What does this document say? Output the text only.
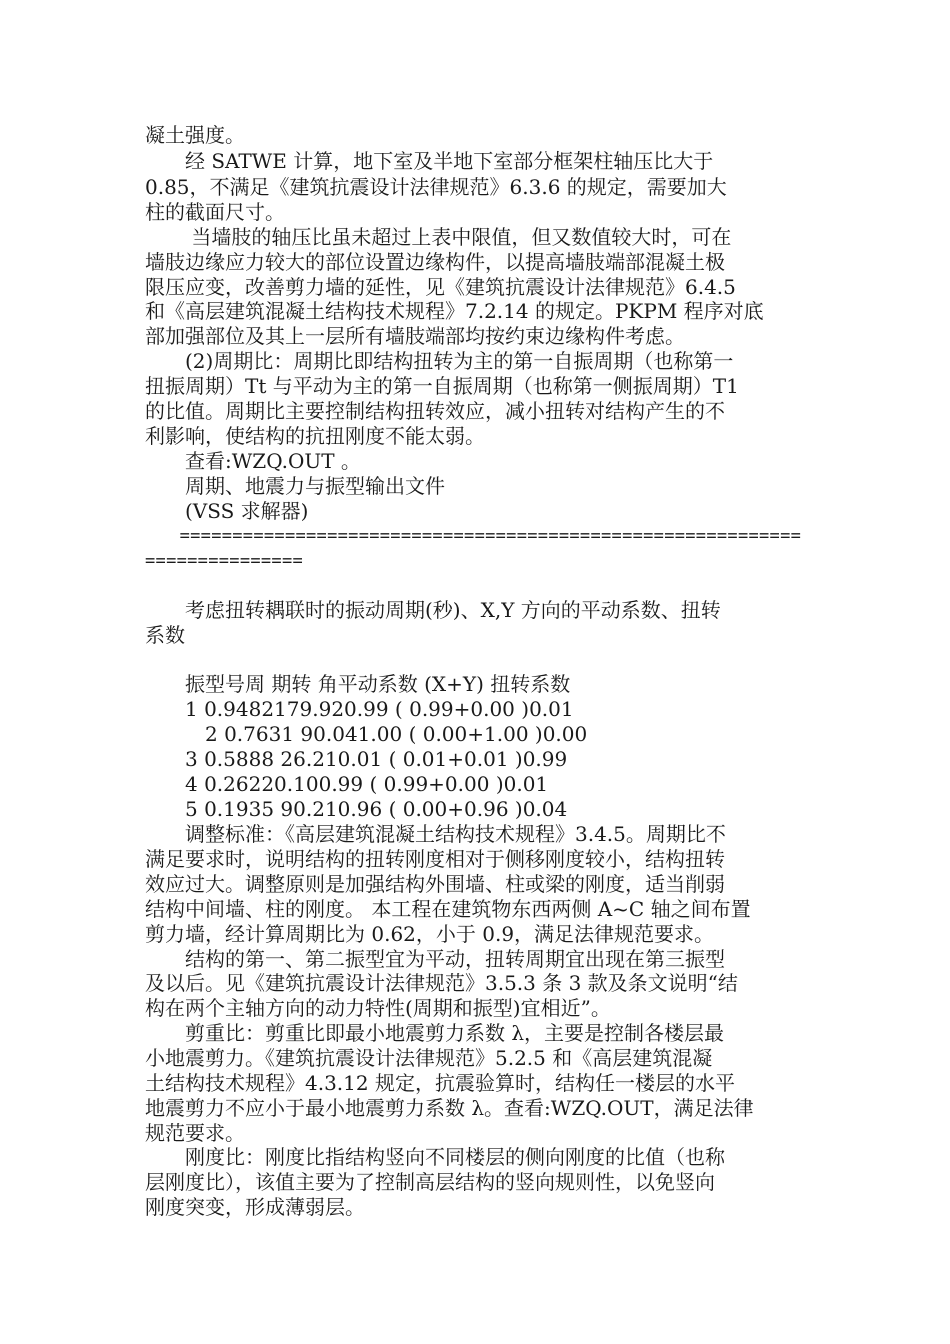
凝土强度。
　　经 SATWE 计算，地下室及半地下室部分框架柱轴压比大于
0.85，不满足《建筑抗震设计法律规范》6.3.6 的规定，需要加大
柱的截面尺寸。
　　 当墙肢的轴压比虽未超过上表中限值，但又数值较大时，可在
墙肢边缘应力较大的部位设置边缘构件，以提高墙肢端部混凝土极
限压应变，改善剪力墙的延性，见《建筑抗震设计法律规范》6.4.5
和《高层建筑混凝土结构技术规程》7.2.14 的规定。PKPM 程序对底
部加强部位及其上一层所有墙肢端部均按约束边缘构件考虑。
　　(2)周期比：周期比即结构扭转为主的第一自振周期（也称第一
扭振周期）Tt 与平动为主的第一自振周期（也称第一侧振周期）T1
的比值。周期比主要控制结构扭转效应，减小扭转对结构产生的不
利影响，使结构的抗扭刚度不能太弱。
　　查看:WZQ.OUT 。
　　周期、地震力与振型输出文件
　　(VSS 求解器)
　　===========================================================
===============
　　考虑扭转耦联时的振动周期(秒)、X,Y 方向的平动系数、扭转
系数
　　振型号周 期转 角平动系数 (X+Y) 扭转系数
　　1 0.9482179.920.99 ( 0.99+0.00 )0.01
　　　2 0.7631 90.041.00 ( 0.00+1.00 )0.00
　　3 0.5888 26.210.01 ( 0.01+0.01 )0.99
　　4 0.26220.100.99 ( 0.99+0.00 )0.01
　　5 0.1935 90.210.96 ( 0.00+0.96 )0.04
　　调整标准：《高层建筑混凝土结构技术规程》3.4.5。周期比不
满足要求时，说明结构的扭转刚度相对于侧移刚度较小，结构扭转
效应过大。调整原则是加强结构外围墙、柱或梁的刚度，适当削弱
结构中间墙、柱的刚度。 本工程在建筑物东西两侧 A~C 轴之间布置
剪力墙，经计算周期比为 0.62，小于 0.9，满足法律规范要求。
　　结构的第一、第二振型宜为平动，扭转周期宜出现在第三振型
及以后。见《建筑抗震设计法律规范》3.5.3 条 3 款及条文说明“结
构在两个主轴方向的动力特性(周期和振型)宜相近”。
　　剪重比：剪重比即最小地震剪力系数 λ，主要是控制各楼层最
小地震剪力。《建筑抗震设计法律规范》5.2.5 和《高层建筑混凝
土结构技术规程》4.3.12 规定，抗震验算时，结构任一楼层的水平
地震剪力不应小于最小地震剪力系数 λ。查看:WZQ.OUT，满足法律
规范要求。
　　刚度比：刚度比指结构竖向不同楼层的侧向刚度的比值（也称
层刚度比），该值主要为了控制高层结构的竖向规则性，以免竖向
刚度突变，形成薄弱层。
